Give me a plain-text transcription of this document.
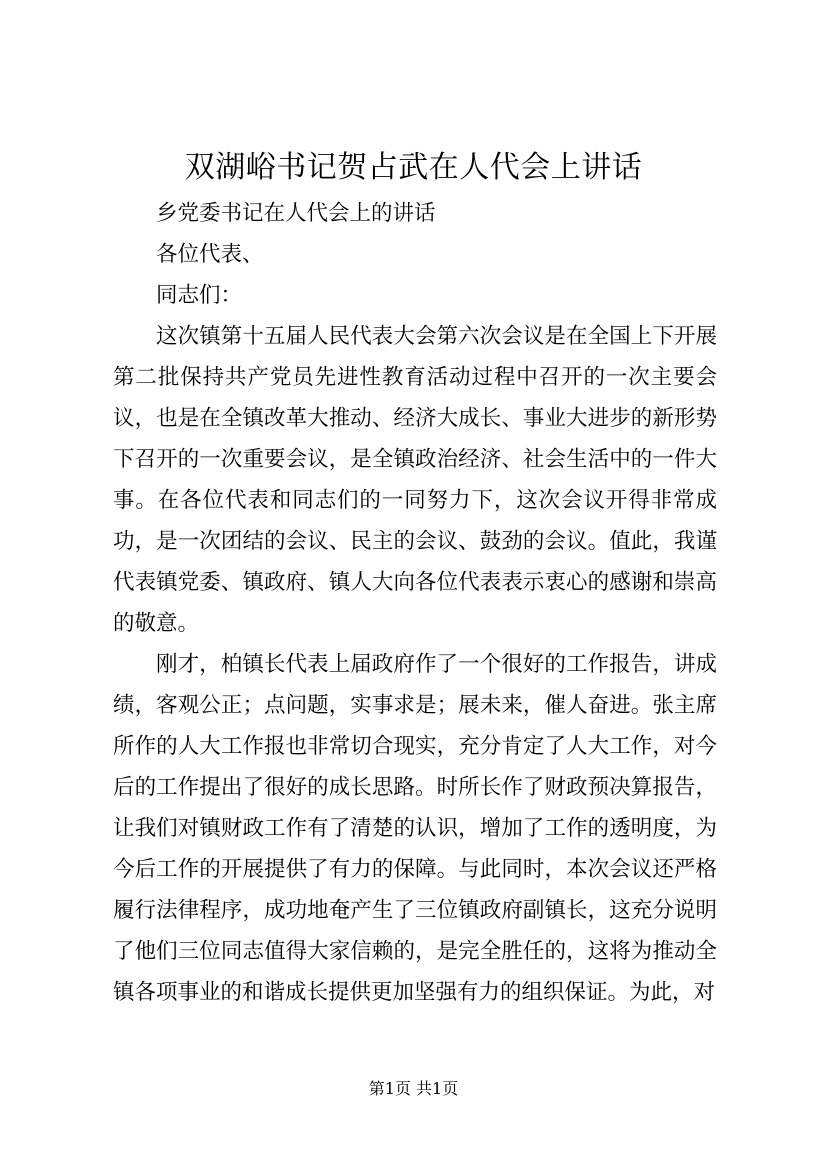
双湖峪书记贺占武在人代会上讲话

乡党委书记在人代会上的讲话

各位代表、

同志们：

这次镇第十五届人民代表大会第六次会议是在全国上下开展第二批保持共产党员先进性教育活动过程中召开的一次主要会议，也是在全镇改革大推动、经济大成长、事业大进步的新形势下召开的一次重要会议，是全镇政治经济、社会生活中的一件大事。在各位代表和同志们的一同努力下，这次会议开得非常成功，是一次团结的会议、民主的会议、鼓劲的会议。值此，我谨代表镇党委、镇政府、镇人大向各位代表表示衷心的感谢和崇高的敬意。

刚才，柏镇长代表上届政府作了一个很好的工作报告，讲成绩，客观公正；点问题，实事求是；展未来，催人奋进。张主席所作的人大工作报也非常切合现实，充分肯定了人大工作，对今后的工作提出了很好的成长思路。时所长作了财政预决算报告，让我们对镇财政工作有了清楚的认识，增加了工作的透明度，为今后工作的开展提供了有力的保障。与此同时，本次会议还严格履行法律程序，成功地奄产生了三位镇政府副镇长，这充分说明了他们三位同志值得大家信赖的，是完全胜任的，这将为推动全镇各项事业的和谐成长提供更加坚强有力的组织保证。为此，对

第1页 共1页
